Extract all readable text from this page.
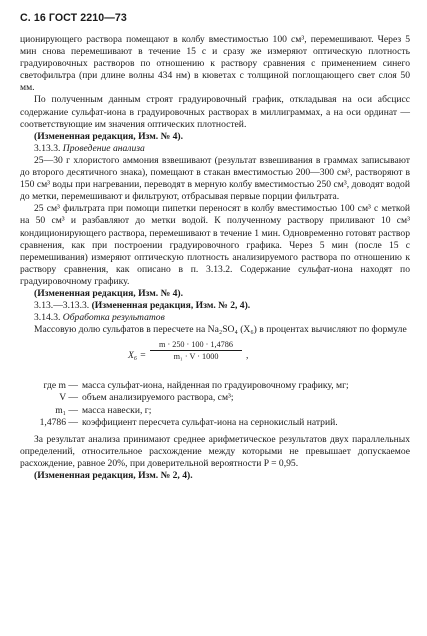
С. 16 ГОСТ 2210—73

ционирующего раствора помещают в колбу вместимостью 100 см³, перемешивают. Через 5 мин снова перемешивают в течение 15 с и сразу же измеряют оптическую плотность градуировочных растворов по отношению к раствору сравнения с применением синего светофильтра (при длине волны 434 нм) в кюветах с толщиной поглощающего свет слоя 50 мм.

По полученным данным строят градуировочный график, откладывая на оси абсцисс содержание сульфат-иона в градуировочных растворах в миллиграммах, а на оси ординат — соответствующие им значения оптических плотностей.

(Измененная редакция, Изм. № 4).

3.13.3. Проведение анализа

25—30 г хлористого аммония взвешивают (результат взвешивания в граммах записывают до второго десятичного знака), помещают в стакан вместимостью 200—300 см³, растворяют в 150 см³ воды при нагревании, переводят в мерную колбу вместимостью 250 см³, доводят водой до метки, перемешивают и фильтруют, отбрасывая первые порции фильтрата.

25 см³ фильтрата при помощи пипетки переносят в колбу вместимостью 100 см³ с меткой на 50 см³ и разбавляют до метки водой. К полученному раствору приливают 10 см³ кондиционирующего раствора, перемешивают в течение 1 мин. Одновременно готовят раствор сравнения, как при построении градуировочного графика. Через 5 мин (после 15 с перемешивания) измеряют оптическую плотность анализируемого раствора по отношению к раствору сравнения, как описано в п. 3.13.2. Содержание сульфат-иона находят по градуировочному графику.

(Измененная редакция, Изм. № 4).

3.13.—3.13.3. (Измененная редакция, Изм. № 2, 4).

3.14.3. Обработка результатов

Массовую долю сульфатов в пересчете на Na₂SO₄ (X₆) в процентах вычисляют по формуле

$X_6 = \frac{m \cdot 250 \cdot 100 \cdot 1,4786}{\text{m₁ · V · 1000}}$ ,
где m — масса сульфат-иона, найденная по градуировочному графику, мг;
V — объем анализируемого раствора, см³;
m₁ — масса навески, г;
1,4786 — коэффициент пересчета сульфат-иона на сернокислый натрий.

За результат анализа принимают среднее арифметическое результатов двух параллельных определений, относительное расхождение между которыми не превышает допускаемое расхождение, равное 20%, при доверительной вероятности P = 0,95.

(Измененная редакция, Изм. № 2, 4).
